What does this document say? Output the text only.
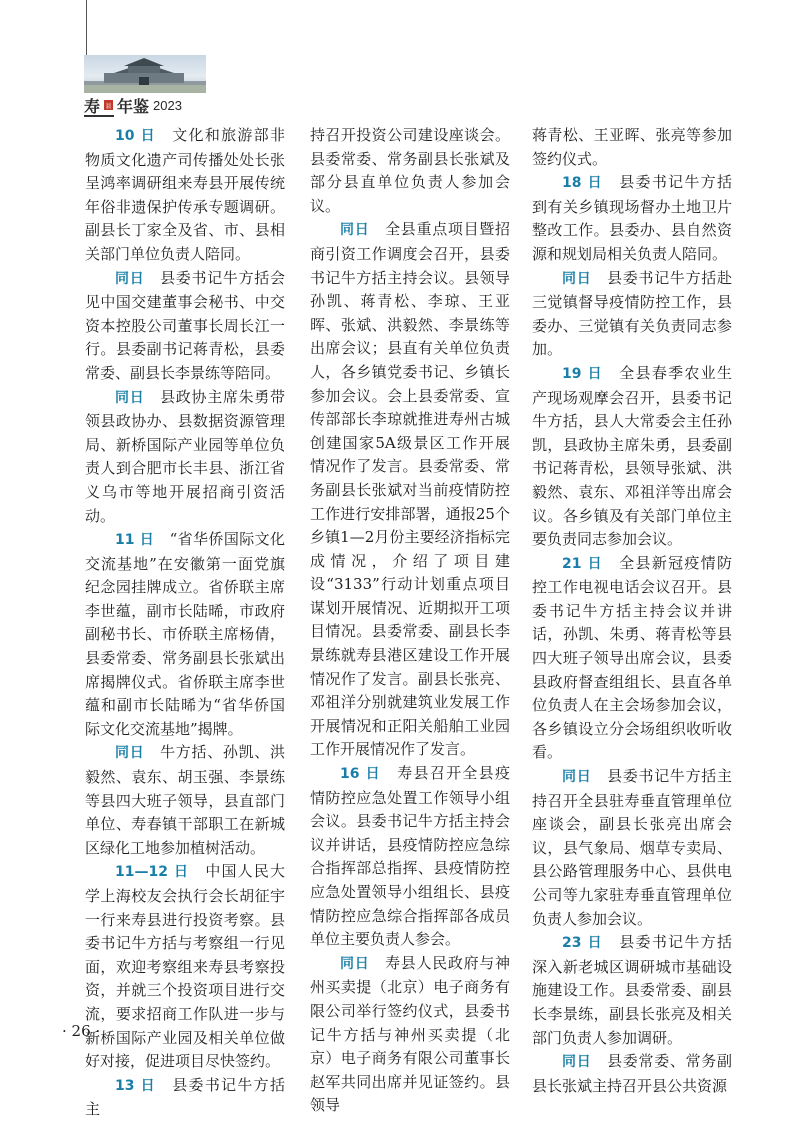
寿 县 年鉴 2023

10 日　 文化和旅游部非物质文化遗产司传播处处长张呈鸿率调研组来寿县开展传统年俗非遗保护传承专题调研。副县长丁家全及省、市、县相关部门单位负责人陪同。

同日　 县委书记牛方括会见中国交建董事会秘书、中交资本控股公司董事长周长江一行。县委副书记蒋青松，县委常委、副县长李景练等陪同。

同日　 县政协主席朱勇带领县政协办、县数据资源管理局、新桥国际产业园等单位负责人到合肥市长丰县、浙江省义乌市等地开展招商引资活动。

11 日　 “省华侨国际文化交流基地”在安徽第一面党旗纪念园挂牌成立。省侨联主席李世蕴，副市长陆晞，市政府副秘书长、市侨联主席杨倩，县委常委、常务副县长张斌出席揭牌仪式。省侨联主席李世蕴和副市长陆晞为“省华侨国际文化交流基地”揭牌。

同日　 牛方括、孙凯、洪毅然、袁东、胡玉强、李景练等县四大班子领导，县直部门单位、寿春镇干部职工在新城区绿化工地参加植树活动。

11—12 日　 中国人民大学上海校友会执行会长胡征宇一行来寿县进行投资考察。县委书记牛方括与考察组一行见面，欢迎考察组来寿县考察投资，并就三个投资项目进行交流，要求招商工作队进一步与新桥国际产业园及相关单位做好对接，促进项目尽快签约。

13 日　 县委书记牛方括主

持召开投资公司建设座谈会。县委常委、常务副县长张斌及部分县直单位负责人参加会议。

同日　 全县重点项目暨招商引资工作调度会召开，县委书记牛方括主持会议。县领导孙凯、蒋青松、李琼、王亚晖、张斌、洪毅然、李景练等出席会议；县直有关单位负责人，各乡镇党委书记、乡镇长参加会议。会上县委常委、宣传部部长李琼就推进寿州古城创建国家5A级景区工作开展情况作了发言。县委常委、常务副县长张斌对当前疫情防控工作进行安排部署，通报25个乡镇1—2月份主要经济指标完成情况，介绍了项目建设“3133”行动计划重点项目谋划开展情况、近期拟开工项目情况。县委常委、副县长李景练就寿县港区建设工作开展情况作了发言。副县长张亮、邓祖洋分别就建筑业发展工作开展情况和正阳关船舶工业园工作开展情况作了发言。

16 日　 寿县召开全县疫情防控应急处置工作领导小组会议。县委书记牛方括主持会议并讲话，县疫情防控应急综合指挥部总指挥、县疫情防控应急处置领导小组组长、县疫情防控应急综合指挥部各成员单位主要负责人参会。

同日　 寿县人民政府与神州买卖提（北京）电子商务有限公司举行签约仪式，县委书记牛方括与神州买卖提（北京）电子商务有限公司董事长赵军共同出席并见证签约。县领导

蒋青松、王亚晖、张亮等参加签约仪式。

18 日　 县委书记牛方括到有关乡镇现场督办土地卫片整改工作。县委办、县自然资源和规划局相关负责人陪同。

同日　 县委书记牛方括赴三觉镇督导疫情防控工作，县委办、三觉镇有关负责同志参加。

19 日　 全县春季农业生产现场观摩会召开，县委书记牛方括，县人大常委会主任孙凯，县政协主席朱勇，县委副书记蒋青松，县领导张斌、洪毅然、袁东、邓祖洋等出席会议。各乡镇及有关部门单位主要负责同志参加会议。

21 日　 全县新冠疫情防控工作电视电话会议召开。县委书记牛方括主持会议并讲话，孙凯、朱勇、蒋青松等县四大班子领导出席会议，县委县政府督查组组长、县直各单位负责人在主会场参加会议，各乡镇设立分会场组织收听收看。

同日　 县委书记牛方括主持召开全县驻寿垂直管理单位座谈会，副县长张亮出席会议，县气象局、烟草专卖局、县公路管理服务中心、县供电公司等九家驻寿垂直管理单位负责人参加会议。

23 日　 县委书记牛方括深入新老城区调研城市基础设施建设工作。县委常委、副县长李景练，副县长张亮及相关部门负责人参加调研。

同日　 县委常委、常务副县长张斌主持召开县公共资源

· 26 ·
